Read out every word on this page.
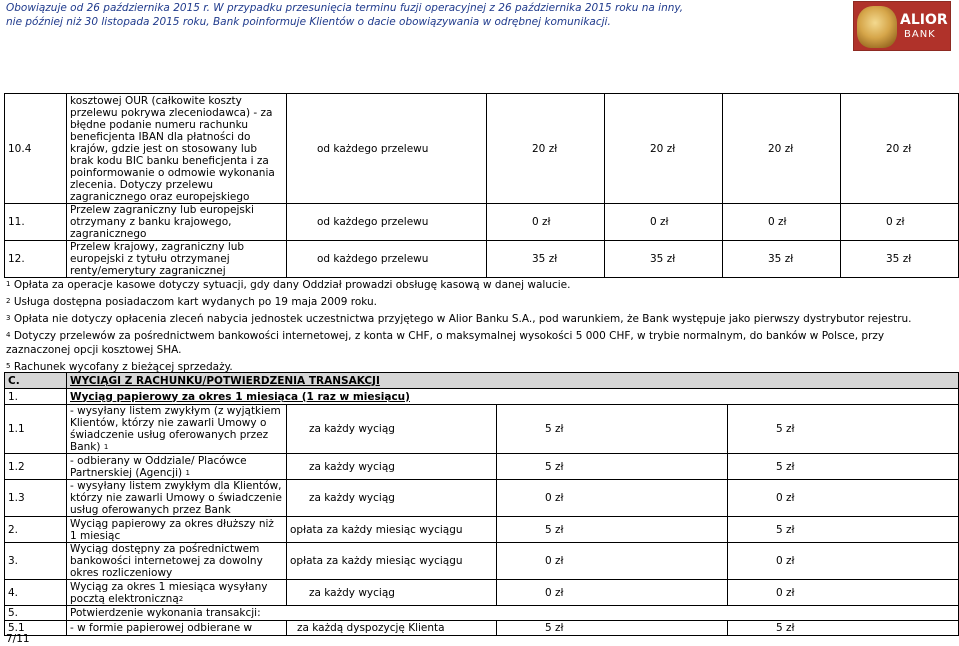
Obowiązuje od 26 października 2015 r. W przypadku przesunięcia terminu fuzji operacyjnej z 26 października 2015 roku na inny,
nie później niż 30 listopada 2015 roku, Bank poinformuje Klientów o dacie obowiązywania w odrębnej komunikacji.	ALIOR
BANK
10.4	kosztowej OUR (całkowite koszty przelewu pokrywa zleceniodawca) - za błędne podanie numeru rachunku beneficjenta IBAN dla płatności do krajów, gdzie jest on stosowany lub brak kodu BIC banku beneficjenta i za poinformowanie o odmowie wykonania zlecenia. Dotyczy przelewu zagranicznego oraz europejskiego	od każdego przelewu	20 zł	20 zł	20 zł	20 zł
11.	Przelew zagraniczny lub europejski otrzymany z banku krajowego, zagranicznego	od każdego przelewu	0 zł	0 zł	0 zł	0 zł
12.	Przelew krajowy, zagraniczny lub europejski z tytułu otrzymanej renty/emerytury zagranicznej	od każdego przelewu	35 zł	35 zł	35 zł	35 zł

$^1$ Opłata za operacje kasowe dotyczy sytuacji, gdy dany Oddział prowadzi obsługę kasową w danej walucie.

$^2$ Usługa dostępna posiadaczom kart wydanych po 19 maja 2009 roku.

$^3$ Opłata nie dotyczy opłacenia zleceń nabycia jednostek uczestnictwa przyjętego w Alior Banku S.A., pod warunkiem, że Bank występuje jako pierwszy dystrybutor rejestru.

$^4$ Dotyczy przelewów za pośrednictwem bankowości internetowej, z konta w CHF, o maksymalnej wysokości 5 000 CHF, w trybie normalnym, do banków w Polsce, przy zaznaczonej opcji kosztowej SHA.

$^5$ Rachunek wycofany z bieżącej sprzedaży.

C.	WYCIĄGI Z RACHUNKU/POTWIERDZENIA TRANSAKCJI			
1.	Wyciąg papierowy za okres 1 miesiąca (1 raz w miesiącu)			
1.1	- wysyłany listem zwykłym (z wyjątkiem Klientów, którzy nie zawarli Umowy o świadczenie usług oferowanych przez Bank) $^1$	za każdy wyciąg	5 zł	5 zł
1.2	- odbierany w Oddziale/ Placówce Partnerskiej (Agencji) $^1$	za każdy wyciąg	5 zł	5 zł
1.3	- wysyłany listem zwykłym dla Klientów, którzy nie zawarli Umowy o świadczenie usług oferowanych przez Bank	za każdy wyciąg	0 zł	0 zł
2.	Wyciąg papierowy za okres dłuższy niż 1 miesiąc	opłata za każdy miesiąc wyciągu	5 zł	5 zł
3.	Wyciąg dostępny za pośrednictwem bankowości internetowej za dowolny okres rozliczeniowy	opłata za każdy miesiąc wyciągu	0 zł	0 zł
4.	Wyciąg za okres 1 miesiąca wysyłany pocztą elektroniczną$^2$	za każdy wyciąg	0 zł	0 zł
5.	Potwierdzenie wykonania transakcji:			
5.1	- w formie papierowej odbierane w	za każdą dyspozycję Klienta	5 zł	5 zł
7/11
